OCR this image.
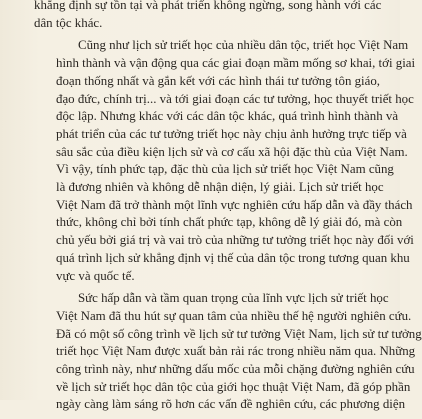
khẳng định sự tồn tại và phát triển không ngừng, song hành với các
dân tộc khác.
Cũng như lịch sử triết học của nhiều dân tộc, triết học Việt Nam
hình thành và vận động qua các giai đoạn mầm mống sơ khai, tới giai
đoạn thống nhất và gắn kết với các hình thái tư tưởng tôn giáo,
đạo đức, chính trị... và tới giai đoạn các tư tưởng, học thuyết triết học
độc lập. Nhưng khác với các dân tộc khác, quá trình hình thành và
phát triển của các tư tưởng triết học này chịu ảnh hưởng trực tiếp và
sâu sắc của điều kiện lịch sử và cơ cấu xã hội đặc thù của Việt Nam.
Vì vậy, tính phức tạp, đặc thù của lịch sử triết học Việt Nam cũng
là đương nhiên và không dễ nhận diện, lý giải. Lịch sử triết học
Việt Nam đã trở thành một lĩnh vực nghiên cứu hấp dẫn và đầy thách
thức, không chỉ bởi tính chất phức tạp, không dễ lý giải đó, mà còn
chủ yếu bởi giá trị và vai trò của những tư tưởng triết học này đối với
quá trình lịch sử khẳng định vị thế của dân tộc trong tương quan khu
vực và quốc tế.
Sức hấp dẫn và tầm quan trọng của lĩnh vực lịch sử triết học
Việt Nam đã thu hút sự quan tâm của nhiều thế hệ người nghiên cứu.
Đã có một số công trình về lịch sử tư tưởng Việt Nam, lịch sử tư tưởng
triết học Việt Nam được xuất bản rải rác trong nhiều năm qua. Những
công trình này, như những dấu mốc của mỗi chặng đường nghiên cứu
về lịch sử triết học dân tộc của giới học thuật Việt Nam, đã góp phần
ngày càng làm sáng rõ hơn các vấn đề nghiên cứu, các phương diện
